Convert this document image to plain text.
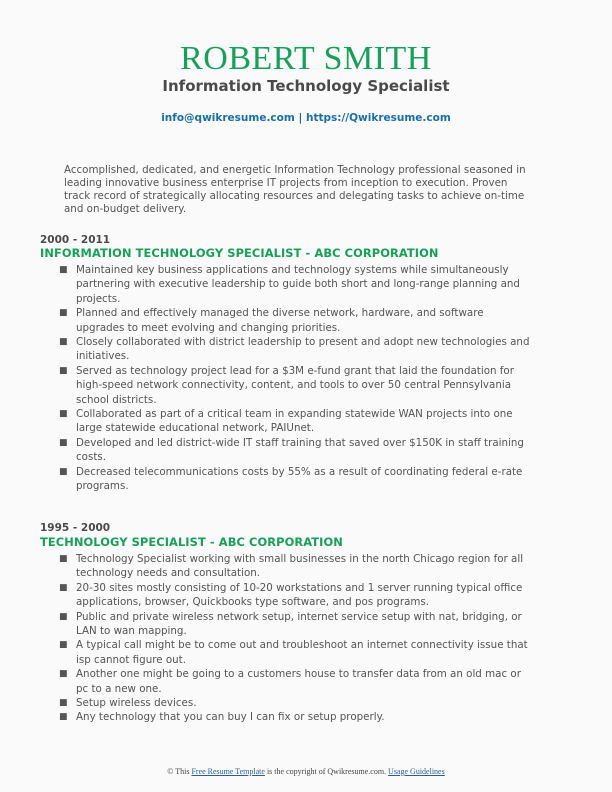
ROBERT SMITH
Information Technology Specialist
info@qwikresume.com | https://Qwikresume.com
Accomplished, dedicated, and energetic Information Technology professional seasoned in leading innovative business enterprise IT projects from inception to execution. Proven track record of strategically allocating resources and delegating tasks to achieve on-time and on-budget delivery.
2000 - 2011
INFORMATION TECHNOLOGY SPECIALIST - ABC CORPORATION
■ Maintained key business applications and technology systems while simultaneously partnering with executive leadership to guide both short and long-range planning and projects.
■ Planned and effectively managed the diverse network, hardware, and software upgrades to meet evolving and changing priorities.
■ Closely collaborated with district leadership to present and adopt new technologies and initiatives.
■ Served as technology project lead for a $3M e-fund grant that laid the foundation for high-speed network connectivity, content, and tools to over 50 central Pennsylvania school districts.
■ Collaborated as part of a critical team in expanding statewide WAN projects into one large statewide educational network, PAIUnet.
■ Developed and led district-wide IT staff training that saved over $150K in staff training costs.
■ Decreased telecommunications costs by 55% as a result of coordinating federal e-rate programs.
1995 - 2000
TECHNOLOGY SPECIALIST - ABC CORPORATION
■ Technology Specialist working with small businesses in the north Chicago region for all technology needs and consultation.
■ 20-30 sites mostly consisting of 10-20 workstations and 1 server running typical office applications, browser, Quickbooks type software, and pos programs.
■ Public and private wireless network setup, internet service setup with nat, bridging, or LAN to wan mapping.
■ A typical call might be to come out and troubleshoot an internet connectivity issue that isp cannot figure out.
■ Another one might be going to a customers house to transfer data from an old mac or pc to a new one.
■ Setup wireless devices.
■ Any technology that you can buy I can fix or setup properly.
© This Free Resume Template is the copyright of Qwikresume.com. Usage Guidelines
